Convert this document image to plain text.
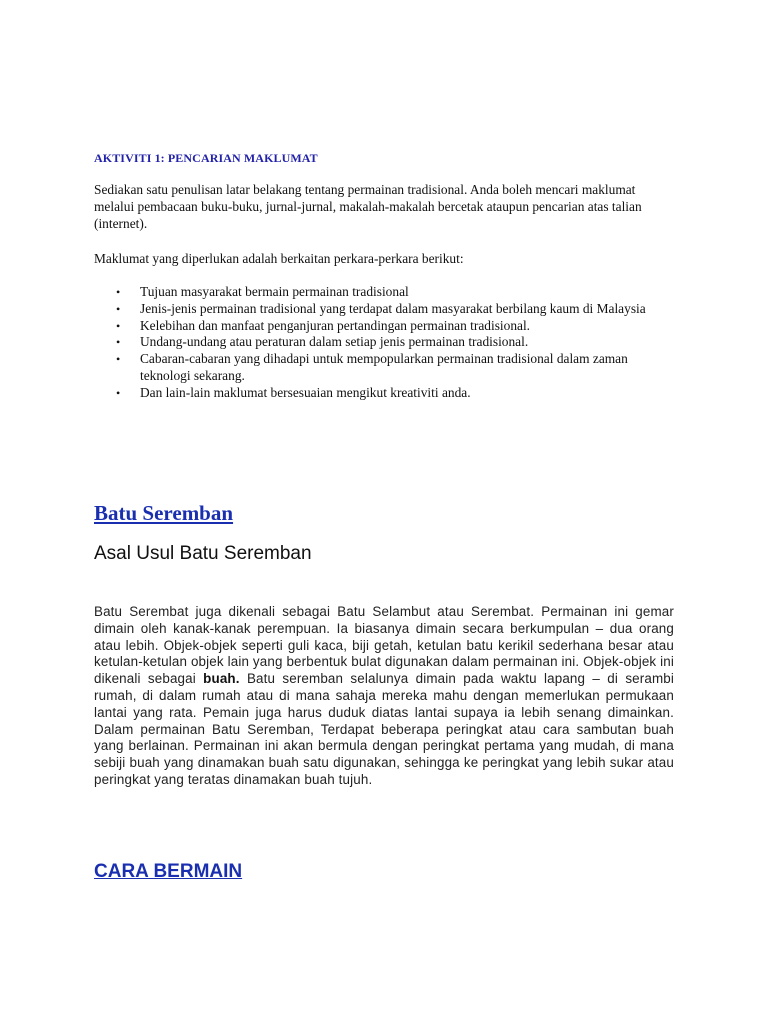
AKTIVITI 1: PENCARIAN MAKLUMAT
Sediakan satu penulisan latar belakang tentang permainan tradisional. Anda boleh mencari maklumat melalui pembacaan buku-buku, jurnal-jurnal, makalah-makalah bercetak ataupun pencarian atas talian (internet).
Maklumat yang diperlukan adalah berkaitan perkara-perkara berikut:
• Tujuan masyarakat bermain permainan tradisional
• Jenis-jenis permainan tradisional yang terdapat dalam masyarakat berbilang kaum di Malaysia
• Kelebihan dan manfaat penganjuran pertandingan permainan tradisional.
• Undang-undang atau peraturan dalam setiap jenis permainan tradisional.
• Cabaran-cabaran yang dihadapi untuk mempopularkan permainan tradisional dalam zaman teknologi sekarang.
• Dan lain-lain maklumat bersesuaian mengikut kreativiti anda.
Batu Seremban
Asal Usul Batu Seremban
Batu Serembat juga dikenali sebagai Batu Selambut atau Serembat. Permainan ini gemar dimain oleh kanak-kanak perempuan. Ia biasanya dimain secara berkumpulan – dua orang atau lebih. Objek-objek seperti guli kaca, biji getah, ketulan batu kerikil sederhana besar atau ketulan-ketulan objek lain yang berbentuk bulat digunakan dalam permainan ini. Objek-objek ini dikenali sebagai buah. Batu seremban selalunya dimain pada waktu lapang – di serambi rumah, di dalam rumah atau di mana sahaja mereka mahu dengan memerlukan permukaan lantai yang rata. Pemain juga harus duduk diatas lantai supaya ia lebih senang dimainkan. Dalam permainan Batu Seremban, Terdapat beberapa peringkat atau cara sambutan buah yang berlainan. Permainan ini akan bermula dengan peringkat pertama yang mudah, di mana sebiji buah yang dinamakan buah satu digunakan, sehingga ke peringkat yang lebih sukar atau peringkat yang teratas dinamakan buah tujuh.
CARA BERMAIN
